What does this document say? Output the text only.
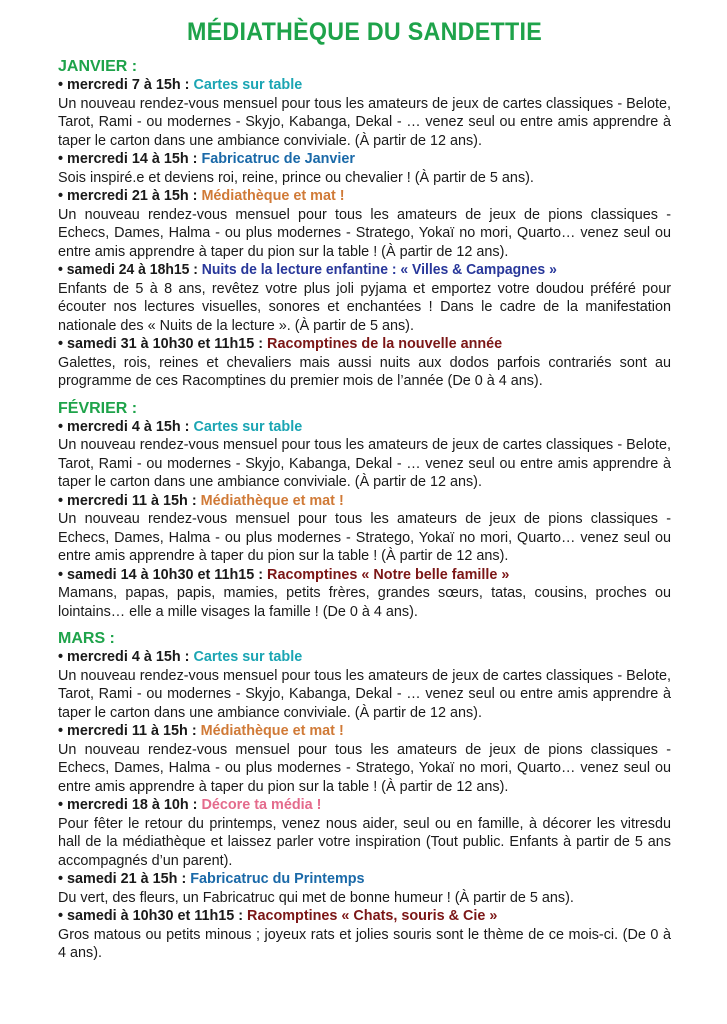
MÉDIATHÈQUE DU SANDETTIE
JANVIER :
• mercredi 7 à 15h : Cartes sur table
Un nouveau rendez-vous mensuel pour tous les amateurs de jeux de cartes classiques - Belote, Tarot, Rami - ou modernes - Skyjo, Kabanga, Dekal - … venez seul ou entre amis apprendre à taper le carton dans une ambiance conviviale. (À partir de 12 ans).
• mercredi 14 à 15h : Fabricatruc de Janvier
Sois inspiré.e et deviens roi, reine, prince ou chevalier ! (À partir de 5 ans).
• mercredi 21 à 15h : Médiathèque et mat !
Un nouveau rendez-vous mensuel pour tous les amateurs de jeux de pions classiques - Echecs, Dames, Halma - ou plus modernes - Stratego, Yokaï no mori, Quarto… venez seul ou entre amis apprendre à taper du pion sur la table ! (À partir de 12 ans).
• samedi 24 à 18h15 : Nuits de la lecture enfantine : « Villes & Campagnes »
Enfants de 5 à 8 ans, revêtez votre plus joli pyjama et emportez votre doudou préféré pour écouter nos lectures visuelles, sonores et enchantées ! Dans le cadre de la manifestation nationale des « Nuits de la lecture ». (À partir de 5 ans).
• samedi 31 à 10h30 et 11h15 : Racomptines de la nouvelle année
Galettes, rois, reines et chevaliers mais aussi nuits aux dodos parfois contrariés sont au programme de ces Racomptines du premier mois de l’année (De 0 à 4 ans).
FÉVRIER :
• mercredi 4 à 15h : Cartes sur table
Un nouveau rendez-vous mensuel pour tous les amateurs de jeux de cartes classiques - Belote, Tarot, Rami - ou modernes - Skyjo, Kabanga, Dekal - … venez seul ou entre amis apprendre à taper le carton dans une ambiance conviviale. (À partir de 12 ans).
• mercredi 11 à 15h : Médiathèque et mat !
Un nouveau rendez-vous mensuel pour tous les amateurs de jeux de pions classiques - Echecs, Dames, Halma - ou plus modernes - Stratego, Yokaï no mori, Quarto… venez seul ou entre amis apprendre à taper du pion sur la table ! (À partir de 12 ans).
• samedi 14 à 10h30 et 11h15 : Racomptines « Notre belle famille »
Mamans, papas, papis, mamies, petits frères, grandes sœurs, tatas, cousins, proches ou lointains… elle a mille visages la famille ! (De 0 à 4 ans).
MARS :
• mercredi 4 à 15h : Cartes sur table
Un nouveau rendez-vous mensuel pour tous les amateurs de jeux de cartes classiques - Belote, Tarot, Rami - ou modernes - Skyjo, Kabanga, Dekal - … venez seul ou entre amis apprendre à taper le carton dans une ambiance conviviale. (À partir de 12 ans).
• mercredi 11 à 15h : Médiathèque et mat !
Un nouveau rendez-vous mensuel pour tous les amateurs de jeux de pions classiques - Echecs, Dames, Halma - ou plus modernes - Stratego, Yokaï no mori, Quarto… venez seul ou entre amis apprendre à taper du pion sur la table ! (À partir de 12 ans).
• mercredi 18 à 10h : Décore ta média !
Pour fêter le retour du printemps, venez nous aider, seul ou en famille, à décorer les vitresdu hall de la médiathèque et laissez parler votre inspiration (Tout public. Enfants à partir de 5 ans accompagnés d’un parent).
• samedi 21 à 15h : Fabricatruc du Printemps
Du vert, des fleurs, un Fabricatruc qui met de bonne humeur ! (À partir de 5 ans).
• samedi à 10h30 et 11h15 : Racomptines « Chats, souris & Cie »
Gros matous ou petits minous ; joyeux rats et jolies souris sont le thème de ce mois-ci. (De 0 à 4 ans).
